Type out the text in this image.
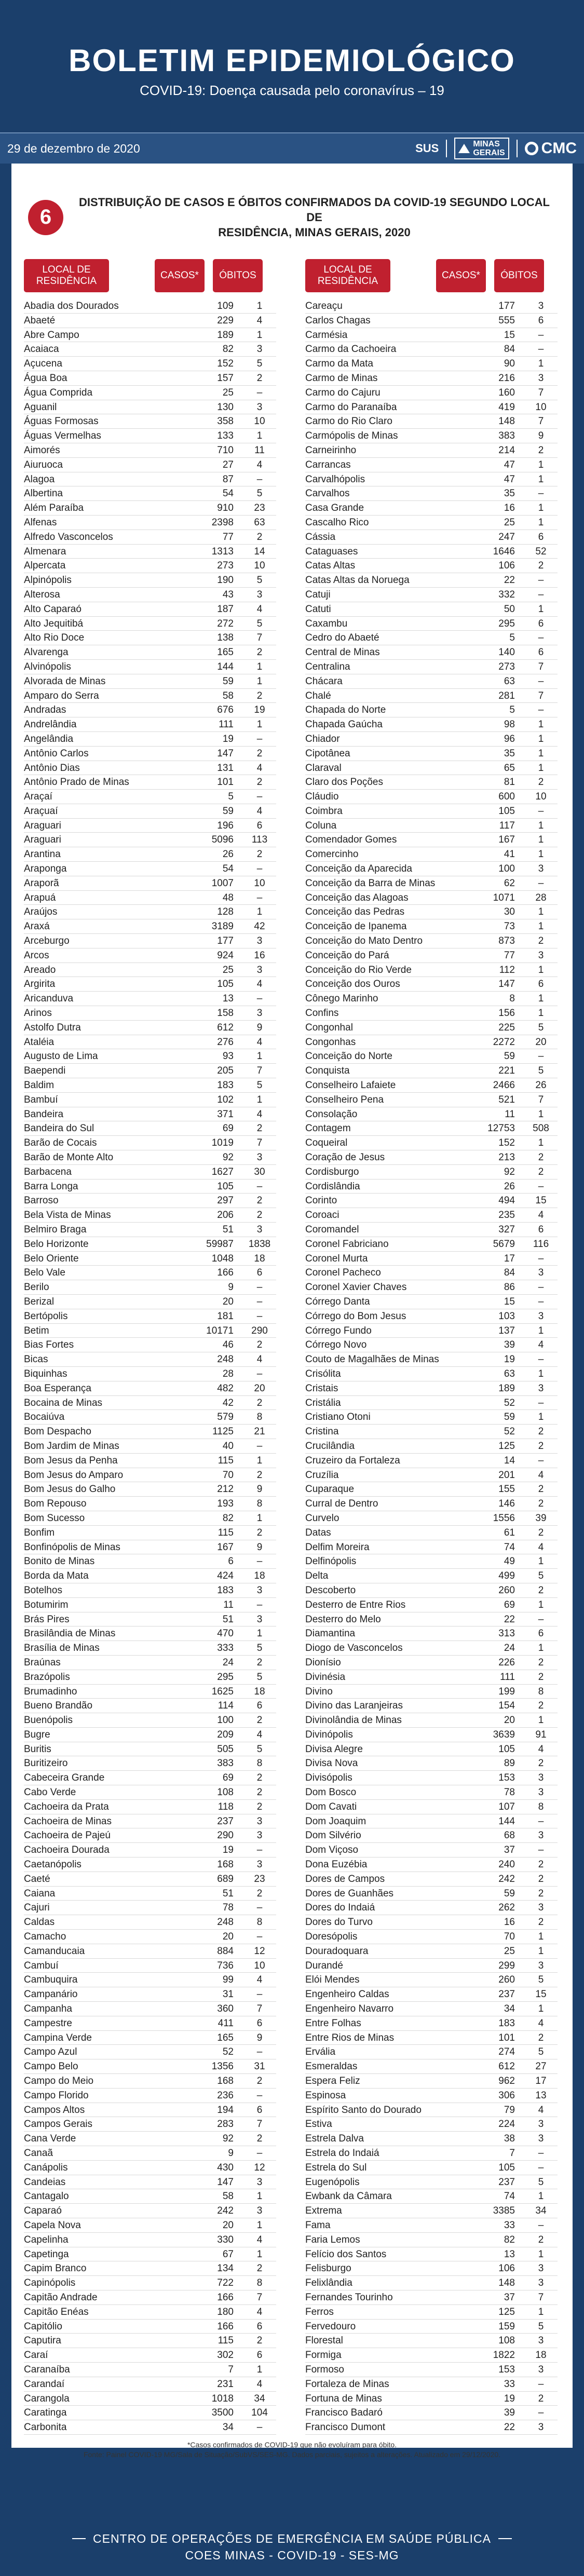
BOLETIM EPIDEMIOLÓGICO
COVID-19: Doença causada pelo coronavírus – 19
29 de dezembro de 2020	SUS	MINAS
GERAIS CMC
6
DISTRIBUIÇÃO DE CASOS E ÓBITOS CONFIRMADOS DA COVID-19 SEGUNDO LOCAL DE
RESIDÊNCIA, MINAS GERAIS, 2020
LOCAL DE RESIDÊNCIA
CASOS*	ÓBITOS
Abadia dos Dourados	109	1
Abaeté	229	4
Abre Campo	189	1
Acaiaca	82	3
Açucena	152	5
Água Boa	157	2
Água Comprida	25	–
Aguanil	130	3
Águas Formosas	358	10
Águas Vermelhas	133	1
Aimorés	710	11
Aiuruoca	27	4
Alagoa	87	–
Albertina	54	5
Além Paraíba	910	23
Alfenas	2398	63
Alfredo Vasconcelos	77	2
Almenara	1313	14
Alpercata	273	10
Alpinópolis	190	5
Alterosa	43	3
Alto Caparaó	187	4
Alto Jequitibá	272	5
Alto Rio Doce	138	7
Alvarenga	165	2
Alvinópolis	144	1
Alvorada de Minas	59	1
Amparo do Serra	58	2
Andradas	676	19
Andrelândia	111	1
Angelândia	19	–
Antônio Carlos	147	2
Antônio Dias	131	4
Antônio Prado de Minas	101	2
Araçaí	5	–
Araçuaí	59	4
Araguari	196	6
Araguari	5096	113
Arantina	26	2
Araponga	54	–
Araporã	1007	10
Arapuá	48	–
Araújos	128	1
Araxá	3189	42
Arceburgo	177	3
Arcos	924	16
Areado	25	3
Argirita	105	4
Aricanduva	13	–
Arinos	158	3
Astolfo Dutra	612	9
Ataléia	276	4
Augusto de Lima	93	1
Baependi	205	7
Baldim	183	5
Bambuí	102	1
Bandeira	371	4
Bandeira do Sul	69	2
Barão de Cocais	1019	7
Barão de Monte Alto	92	3
Barbacena	1627	30
Barra Longa	105	–
Barroso	297	2
Bela Vista de Minas	206	2
Belmiro Braga	51	3
Belo Horizonte	59987	1838
Belo Oriente	1048	18
Belo Vale	166	6
Berilo	9	–
Berizal	20	–
Bertópolis	181	–
Betim	10171	290
Bias Fortes	46	2
Bicas	248	4
Biquinhas	28	–
Boa Esperança	482	20
Bocaina de Minas	42	2
Bocaiúva	579	8
Bom Despacho	1125	21
Bom Jardim de Minas	40	–
Bom Jesus da Penha	115	1
Bom Jesus do Amparo	70	2
Bom Jesus do Galho	212	9
Bom Repouso	193	8
Bom Sucesso	82	1
Bonfim	115	2
Bonfinópolis de Minas	167	9
Bonito de Minas	6	–
Borda da Mata	424	18
Botelhos	183	3
Botumirim	11	–
Brás Pires	51	3
Brasilândia de Minas	470	1
Brasília de Minas	333	5
Braúnas	24	2
Brazópolis	295	5
Brumadinho	1625	18
Bueno Brandão	114	6
Buenópolis	100	2
Bugre	209	4
Buritis	505	5
Buritizeiro	383	8
Cabeceira Grande	69	2
Cabo Verde	108	2
Cachoeira da Prata	118	2
Cachoeira de Minas	237	3
Cachoeira de Pajeú	290	3
Cachoeira Dourada	19	–
Caetanópolis	168	3
Caeté	689	23
Caiana	51	2
Cajuri	78	–
Caldas	248	8
Camacho	20	–
Camanducaia	884	12
Cambuí	736	10
Cambuquira	99	4
Campanário	31	–
Campanha	360	7
Campestre	411	6
Campina Verde	165	9
Campo Azul	52	–
Campo Belo	1356	31
Campo do Meio	168	2
Campo Florido	236	–
Campos Altos	194	6
Campos Gerais	283	7
Cana Verde	92	2
Canaã	9	–
Canápolis	430	12
Candeias	147	3
Cantagalo	58	1
Caparaó	242	3
Capela Nova	20	1
Capelinha	330	4
Capetinga	67	1
Capim Branco	134	2
Capinópolis	722	8
Capitão Andrade	166	7
Capitão Enéas	180	4
Capitólio	166	6
Caputira	115	2
Caraí	302	6
Caranaíba	7	1
Carandaí	231	4
Carangola	1018	34
Caratinga	3500	104
Carbonita	34	–
LOCAL DE RESIDÊNCIA
CASOS*	ÓBITOS
Careaçu	177	3
Carlos Chagas	555	6
Carmésia	15	–
Carmo da Cachoeira	84	–
Carmo da Mata	90	1
Carmo de Minas	216	3
Carmo do Cajuru	160	7
Carmo do Paranaíba	419	10
Carmo do Rio Claro	148	7
Carmópolis de Minas	383	9
Carneirinho	214	2
Carrancas	47	1
Carvalhópolis	47	1
Carvalhos	35	–
Casa Grande	16	1
Cascalho Rico	25	1
Cássia	247	6
Cataguases	1646	52
Catas Altas	106	2
Catas Altas da Noruega	22	–
Catuji	332	–
Catuti	50	1
Caxambu	295	6
Cedro do Abaeté	5	–
Central de Minas	140	6
Centralina	273	7
Chácara	63	–
Chalé	281	7
Chapada do Norte	5	–
Chapada Gaúcha	98	1
Chiador	96	1
Cipotânea	35	1
Claraval	65	1
Claro dos Poções	81	2
Cláudio	600	10
Coimbra	105	–
Coluna	117	1
Comendador Gomes	167	1
Comercinho	41	1
Conceição da Aparecida	100	3
Conceição da Barra de Minas	62	–
Conceição das Alagoas	1071	28
Conceição das Pedras	30	1
Conceição de Ipanema	73	1
Conceição do Mato Dentro	873	2
Conceição do Pará	77	3
Conceição do Rio Verde	112	1
Conceição dos Ouros	147	6
Cônego Marinho	8	1
Confins	156	1
Congonhal	225	5
Congonhas	2272	20
Conceição do Norte	59	–
Conquista	221	5
Conselheiro Lafaiete	2466	26
Conselheiro Pena	521	7
Consolação	11	1
Contagem	12753	508
Coqueiral	152	1
Coração de Jesus	213	2
Cordisburgo	92	2
Cordislândia	26	–
Corinto	494	15
Coroaci	235	4
Coromandel	327	6
Coronel Fabriciano	5679	116
Coronel Murta	17	–
Coronel Pacheco	84	3
Coronel Xavier Chaves	86	–
Córrego Danta	15	–
Córrego do Bom Jesus	103	3
Córrego Fundo	137	1
Córrego Novo	39	4
Couto de Magalhães de Minas	19	–
Crisólita	63	1
Cristais	189	3
Cristália	52	–
Cristiano Otoni	59	1
Cristina	52	2
Crucilândia	125	2
Cruzeiro da Fortaleza	14	–
Cruzília	201	4
Cuparaque	155	2
Curral de Dentro	146	2
Curvelo	1556	39
Datas	61	2
Delfim Moreira	74	4
Delfinópolis	49	1
Delta	499	5
Descoberto	260	2
Desterro de Entre Rios	69	1
Desterro do Melo	22	–
Diamantina	313	6
Diogo de Vasconcelos	24	1
Dionísio	226	2
Divinésia	111	2
Divino	199	8
Divino das Laranjeiras	154	2
Divinolândia de Minas	20	1
Divinópolis	3639	91
Divisa Alegre	105	4
Divisa Nova	89	2
Divisópolis	153	3
Dom Bosco	78	3
Dom Cavati	107	8
Dom Joaquim	144	–
Dom Silvério	68	3
Dom Viçoso	37	–
Dona Euzébia	240	2
Dores de Campos	242	2
Dores de Guanhães	59	2
Dores do Indaiá	262	3
Dores do Turvo	16	2
Doresópolis	70	1
Douradoquara	25	1
Durandé	299	3
Elói Mendes	260	5
Engenheiro Caldas	237	15
Engenheiro Navarro	34	1
Entre Folhas	183	4
Entre Rios de Minas	101	2
Ervália	274	5
Esmeraldas	612	27
Espera Feliz	962	17
Espinosa	306	13
Espírito Santo do Dourado	79	4
Estiva	224	3
Estrela Dalva	38	3
Estrela do Indaiá	7	–
Estrela do Sul	105	–
Eugenópolis	237	5
Ewbank da Câmara	74	1
Extrema	3385	34
Fama	33	–
Faria Lemos	82	2
Felício dos Santos	13	1
Felisburgo	106	3
Felixlândia	148	3
Fernandes Tourinho	37	7
Ferros	125	1
Fervedouro	159	5
Florestal	108	3
Formiga	1822	18
Formoso	153	3
Fortaleza de Minas	33	–
Fortuna de Minas	19	2
Francisco Badaró	39	–
Francisco Dumont	22	3
*Casos confirmados de COVID-19 que não evoluíram para óbito.
Fonte: Painel COVID-19 MG/Sala de Situação/SubVS/SES-MG. Dados parciais, sujeitos a alterações. Atualizado em 29/12/2020.
CENTRO DE OPERAÇÕES DE EMERGÊNCIA EM SAÚDE PÚBLICA
COES MINAS - COVID-19 - SES-MG
